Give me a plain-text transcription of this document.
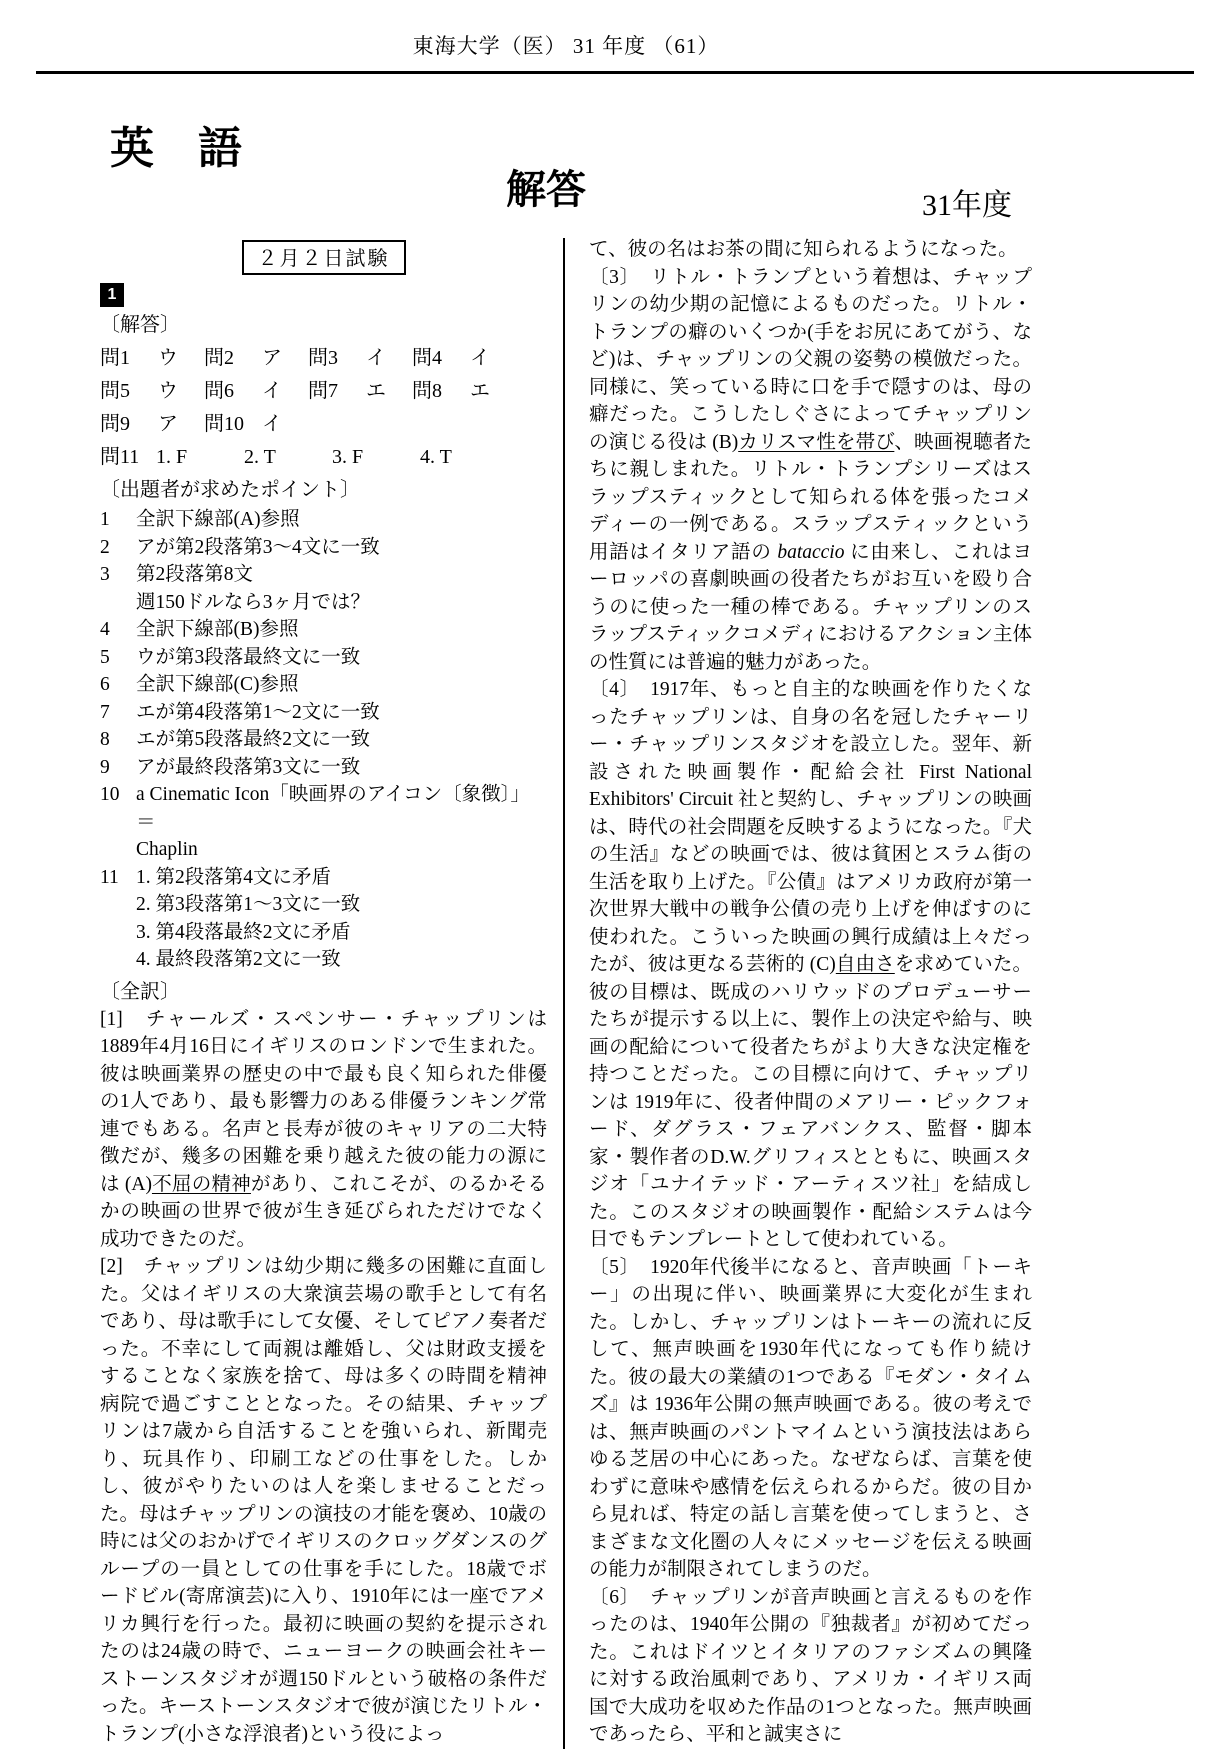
東海大学（医） 31 年度 （61）
英　語
解答	31年度
２月２日試験
1
〔解答〕
問1	ウ 問2	ア 問3	イ 問4	イ
問5	ウ 問6	イ 問7	エ 問8	エ
問9	ア 問10 イ
問11 1. F	2. T	3. F	4. T
〔出題者が求めたポイント〕
1	全訳下線部(A)参照
2	アが第2段落第3～4文に一致
3	第2段落第8文
週150ドルなら3ヶ月では？
4	全訳下線部(B)参照
5	ウが第3段落最終文に一致
6	全訳下線部(C)参照
7	エが第4段落第1～2文に一致
8	エが第5段落最終2文に一致
9	アが最終段落第3文に一致
10 a Cinematic Icon「映画界のアイコン〔象徴〕」＝
Chaplin
11 1. 第2段落第4文に矛盾
2. 第3段落第1～3文に一致
3. 第4段落最終2文に矛盾
4. 最終段落第2文に一致
〔全訳〕

[1]　チャールズ・スペンサー・チャップリンは 1889年4月16日にイギリスのロンドンで生まれた。彼は映画業界の歴史の中で最も良く知られた俳優の1人であり、最も影響力のある俳優ランキング常連でもある。名声と長寿が彼のキャリアの二大特徴だが、幾多の困難を乗り越えた彼の能力の源には (A)不屈の精神があり、これこそが、のるかそるかの映画の世界で彼が生き延びられただけでなく成功できたのだ。

[2]　チャップリンは幼少期に幾多の困難に直面した。父はイギリスの大衆演芸場の歌手として有名であり、母は歌手にして女優、そしてピアノ奏者だった。不幸にして両親は離婚し、父は財政支援をすることなく家族を捨て、母は多くの時間を精神病院で過ごすこととなった。その結果、チャップリンは7歳から自活することを強いられ、新聞売り、玩具作り、印刷工などの仕事をした。しかし、彼がやりたいのは人を楽しませることだった。母はチャップリンの演技の才能を褒め、10歳の時には父のおかげでイギリスのクロッグダンスのグループの一員としての仕事を手にした。18歳でボードビル(寄席演芸)に入り、1910年には一座でアメリカ興行を行った。最初に映画の契約を提示されたのは24歳の時で、ニューヨークの映画会社キーストーンスタジオが週150ドルという破格の条件だった。キーストーンスタジオで彼が演じたリトル・トランプ(小さな浮浪者)という役によっ

て、彼の名はお茶の間に知られるようになった。

〔3〕　リトル・トランプという着想は、チャップリンの幼少期の記憶によるものだった。リトル・トランプの癖のいくつか(手をお尻にあてがう、など)は、チャップリンの父親の姿勢の模倣だった。同様に、笑っている時に口を手で隠すのは、母の癖だった。こうしたしぐさによってチャップリンの演じる役は (B)カリスマ性を帯び、映画視聴者たちに親しまれた。リトル・トランプシリーズはスラップスティックとして知られる体を張ったコメディーの一例である。スラップスティックという用語はイタリア語の bataccio に由来し、これはヨーロッパの喜劇映画の役者たちがお互いを殴り合うのに使った一種の棒である。チャップリンのスラップスティックコメディにおけるアクション主体の性質には普遍的魅力があった。

〔4〕　1917年、もっと自主的な映画を作りたくなったチャップリンは、自身の名を冠したチャーリー・チャップリンスタジオを設立した。翌年、新設された映画製作・配給会社 First National Exhibitors' Circuit 社と契約し、チャップリンの映画は、時代の社会問題を反映するようになった。『犬の生活』などの映画では、彼は貧困とスラム街の生活を取り上げた。『公債』はアメリカ政府が第一次世界大戦中の戦争公債の売り上げを伸ばすのに使われた。こういった映画の興行成績は上々だったが、彼は更なる芸術的 (C)自由さを求めていた。彼の目標は、既成のハリウッドのプロデューサーたちが提示する以上に、製作上の決定や給与、映画の配給について役者たちがより大きな決定権を持つことだった。この目標に向けて、チャップリンは 1919年に、役者仲間のメアリー・ピックフォード、ダグラス・フェアバンクス、監督・脚本家・製作者のD.W.グリフィスとともに、映画スタジオ「ユナイテッド・アーティスツ社」を結成した。このスタジオの映画製作・配給システムは今日でもテンプレートとして使われている。

〔5〕　1920年代後半になると、音声映画「トーキー」の出現に伴い、映画業界に大変化が生まれた。しかし、チャップリンはトーキーの流れに反して、無声映画を1930年代になっても作り続けた。彼の最大の業績の1つである『モダン・タイムズ』は 1936年公開の無声映画である。彼の考えでは、無声映画のパントマイムという演技法はあらゆる芝居の中心にあった。なぜならば、言葉を使わずに意味や感情を伝えられるからだ。彼の目から見れば、特定の話し言葉を使ってしまうと、さまざまな文化圏の人々にメッセージを伝える映画の能力が制限されてしまうのだ。

〔6〕　チャップリンが音声映画と言えるものを作ったのは、1940年公開の『独裁者』が初めてだった。これはドイツとイタリアのファシズムの興隆に対する政治風刺であり、アメリカ・イギリス両国で大成功を収めた作品の1つとなった。無声映画であったら、平和と誠実さに
